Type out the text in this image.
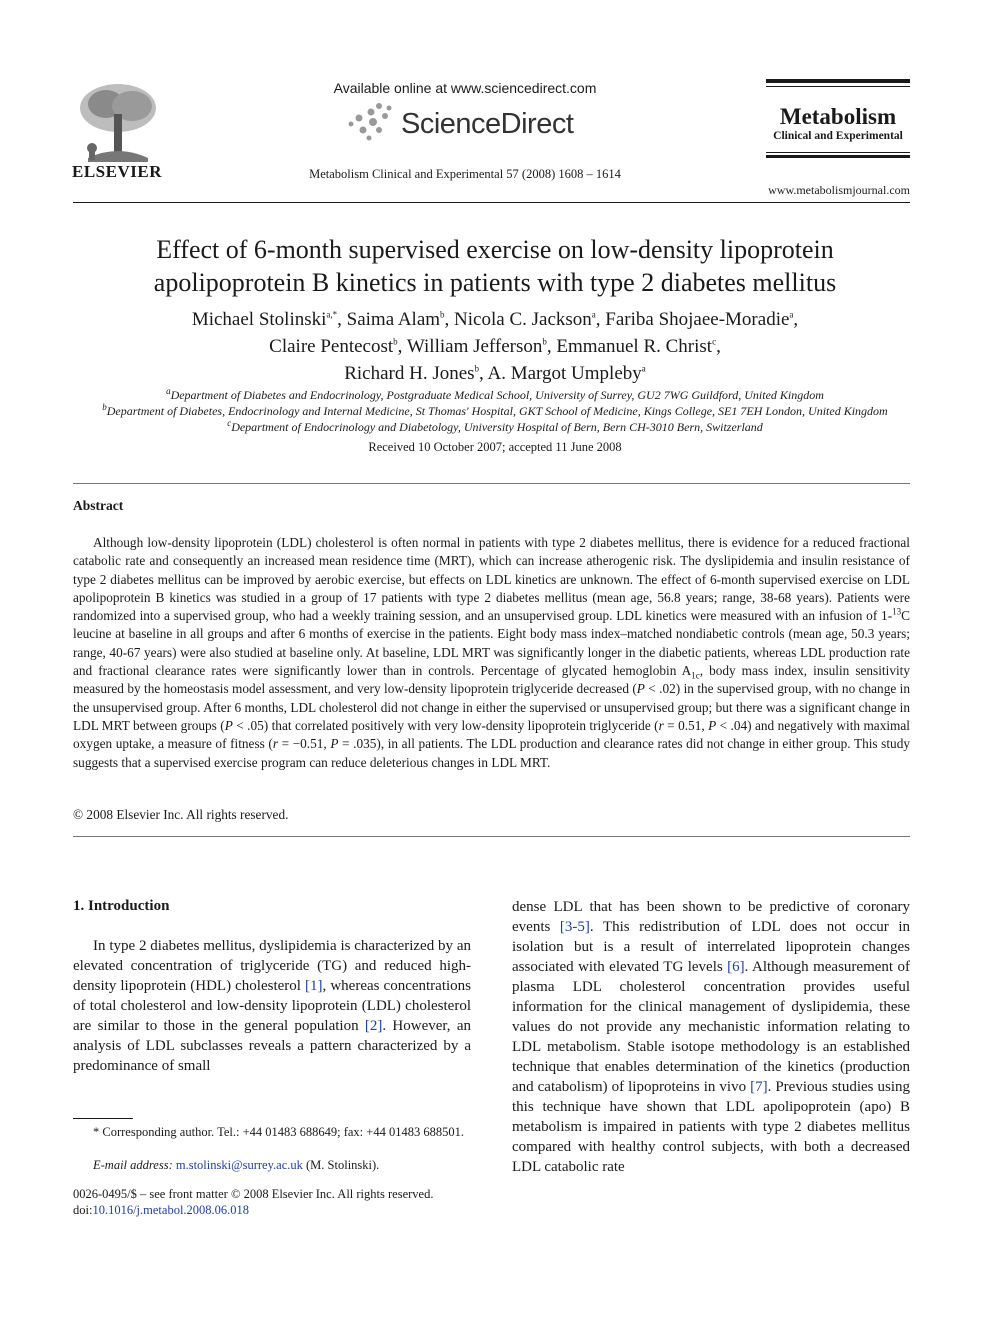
ELSEVIER
Available online at www.sciencedirect.com
ScienceDirect
Metabolism Clinical and Experimental 57 (2008) 1608 – 1614
Metabolism
Clinical and Experimental
www.metabolismjournal.com
Effect of 6-month supervised exercise on low-density lipoprotein
apolipoprotein B kinetics in patients with type 2 diabetes mellitus
Michael Stolinski$^{a,*}$, Saima Alam$^b$, Nicola C. Jackson$^a$, Fariba Shojaee-Moradie$^a$,
Claire Pentecost$^b$, William Jefferson$^b$, Emmanuel R. Christ$^c$,
Richard H. Jones$^b$, A. Margot Umpleby$^a$
$^a$Department of Diabetes and Endocrinology, Postgraduate Medical School, University of Surrey, GU2 7WG Guildford, United Kingdom
$^b$Department of Diabetes, Endocrinology and Internal Medicine, St Thomas' Hospital, GKT School of Medicine, Kings College, SE1 7EH London, United Kingdom
$^c$Department of Endocrinology and Diabetology, University Hospital of Bern, Bern CH-3010 Bern, Switzerland
Received 10 October 2007; accepted 11 June 2008
Abstract
Although low-density lipoprotein (LDL) cholesterol is often normal in patients with type 2 diabetes mellitus, there is evidence for a reduced fractional catabolic rate and consequently an increased mean residence time (MRT), which can increase atherogenic risk. The dyslipidemia and insulin resistance of type 2 diabetes mellitus can be improved by aerobic exercise, but effects on LDL kinetics are unknown. The effect of 6-month supervised exercise on LDL apolipoprotein B kinetics was studied in a group of 17 patients with type 2 diabetes mellitus (mean age, 56.8 years; range, 38-68 years). Patients were randomized into a supervised group, who had a weekly training session, and an unsupervised group. LDL kinetics were measured with an infusion of 1-$^{13}$C leucine at baseline in all groups and after 6 months of exercise in the patients. Eight body mass index–matched nondiabetic controls (mean age, 50.3 years; range, 40-67 years) were also studied at baseline only. At baseline, LDL MRT was significantly longer in the diabetic patients, whereas LDL production rate and fractional clearance rates were significantly lower than in controls. Percentage of glycated hemoglobin $A_{1c}$, body mass index, insulin sensitivity measured by the homeostasis model assessment, and very low-density lipoprotein triglyceride decreased (P < .02) in the supervised group, with no change in the unsupervised group. After 6 months, LDL cholesterol did not change in either the supervised or unsupervised group; but there was a significant change in LDL MRT between groups (P < .05) that correlated positively with very low-density lipoprotein triglyceride (r = 0.51, P < .04) and negatively with maximal oxygen uptake, a measure of fitness (r = −0.51, P = .035), in all patients. The LDL production and clearance rates did not change in either group. This study suggests that a supervised exercise program can reduce deleterious changes in LDL MRT.
© 2008 Elsevier Inc. All rights reserved.
1. Introduction
In type 2 diabetes mellitus, dyslipidemia is characterized by an elevated concentration of triglyceride (TG) and reduced high-density lipoprotein (HDL) cholesterol [1], whereas concentrations of total cholesterol and low-density lipoprotein (LDL) cholesterol are similar to those in the general population [2]. However, an analysis of LDL subclasses reveals a pattern characterized by a predominance of small
dense LDL that has been shown to be predictive of coronary events [3-5]. This redistribution of LDL does not occur in isolation but is a result of interrelated lipoprotein changes associated with elevated TG levels [6]. Although measurement of plasma LDL cholesterol concentration provides useful information for the clinical management of dyslipidemia, these values do not provide any mechanistic information relating to LDL metabolism. Stable isotope methodology is an established technique that enables determination of the kinetics (production and catabolism) of lipoproteins in vivo [7]. Previous studies using this technique have shown that LDL apolipoprotein (apo) B metabolism is impaired in patients with type 2 diabetes mellitus compared with healthy control subjects, with both a decreased LDL catabolic rate
* Corresponding author. Tel.: +44 01483 688649; fax: +44 01483 688501.
E-mail address: m.stolinski@surrey.ac.uk (M. Stolinski).
0026-0495/$ – see front matter © 2008 Elsevier Inc. All rights reserved.
doi:10.1016/j.metabol.2008.06.018
